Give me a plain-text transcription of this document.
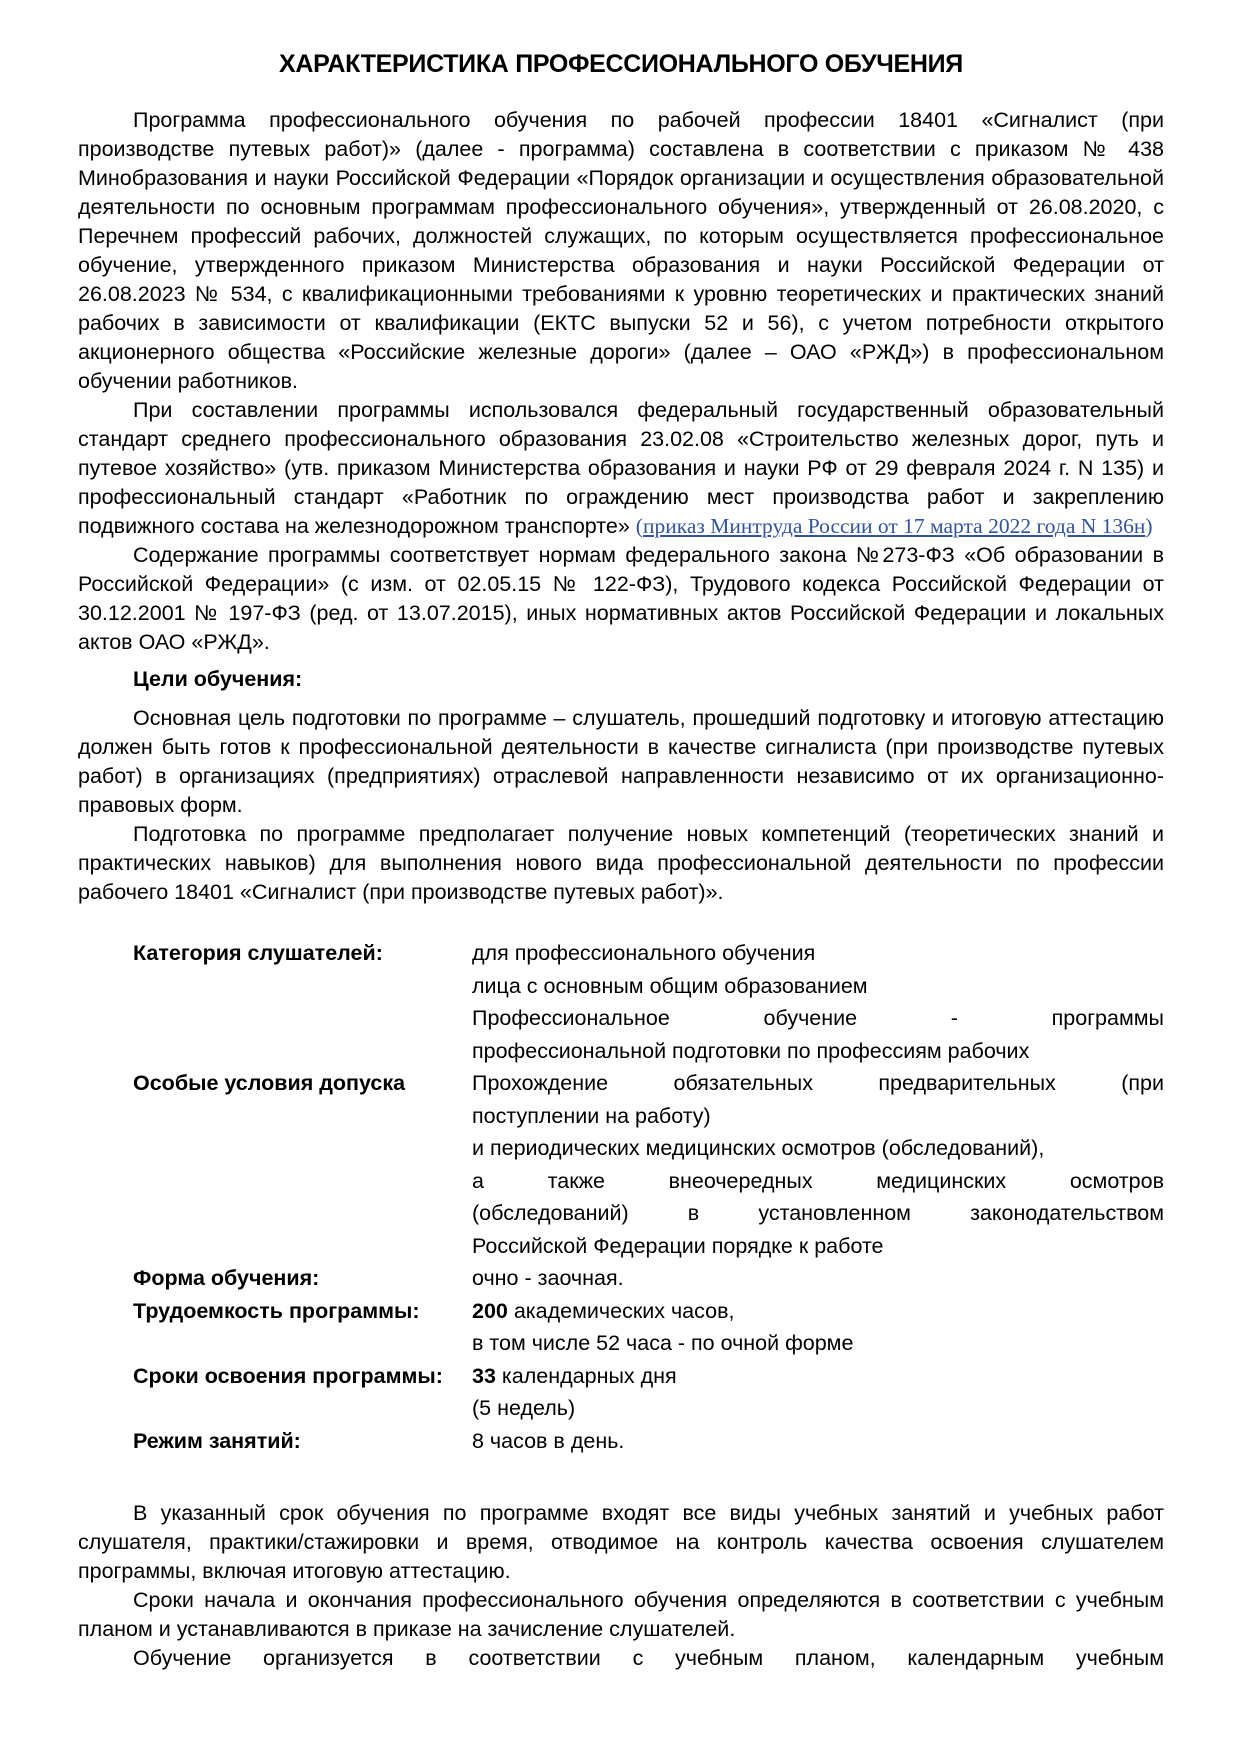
ХАРАКТЕРИСТИКА ПРОФЕССИОНАЛЬНОГО ОБУЧЕНИЯ

Программа профессионального обучения по рабочей профессии 18401 «Сигналист (при производстве путевых работ)» (далее - программа) составлена в соответствии с приказом № 438 Минобразования и науки Российской Федерации «Порядок организации и осуществления образовательной деятельности по основным программам профессионального обучения», утвержденный от 26.08.2020, с Перечнем профессий рабочих, должностей служащих, по которым осуществляется профессиональное обучение, утвержденного приказом Министерства образования и науки Российской Федерации от 26.08.2023 № 534, с квалификационными требованиями к уровню теоретических и практических знаний рабочих в зависимости от квалификации (ЕКТС выпуски 52 и 56), с учетом потребности открытого акционерного общества «Российские железные дороги» (далее – ОАО «РЖД») в профессиональном обучении работников.

При составлении программы использовался федеральный государственный образовательный стандарт среднего профессионального образования 23.02.08 «Строительство железных дорог, путь и путевое хозяйство» (утв. приказом Министерства образования и науки РФ от 29 февраля 2024 г. N 135) и профессиональный стандарт «Работник по ограждению мест производства работ и закреплению подвижного состава на железнодорожном транспорте» (приказ Минтруда России от 17 марта 2022 года N 136н)

Содержание программы соответствует нормам федерального закона №273-ФЗ «Об образовании в Российской Федерации» (с изм. от 02.05.15 № 122-ФЗ), Трудового кодекса Российской Федерации от 30.12.2001 № 197-ФЗ (ред. от 13.07.2015), иных нормативных актов Российской Федерации и локальных актов ОАО «РЖД».

Цели обучения:

Основная цель подготовки по программе – слушатель, прошедший подготовку и итоговую аттестацию должен быть готов к профессиональной деятельности в качестве сигналиста (при производстве путевых работ) в организациях (предприятиях) отраслевой направленности независимо от их организационно-правовых форм.

Подготовка по программе предполагает получение новых компетенций (теоретических знаний и практических навыков) для выполнения нового вида профессиональной деятельности по профессии рабочего 18401 «Сигналист (при производстве путевых работ)».

Категория слушателей:	для профессионального обучения
лица с основным общим образованием
Профессиональное обучение - программы
профессиональной подготовки по профессиям рабочих
Особые условия допуска	Прохождение обязательных предварительных (при
поступлении на работу)
и периодических медицинских осмотров (обследований),
а также внеочередных медицинских осмотров
(обследований) в установленном законодательством
Российской Федерации порядке к работе
Форма обучения:	очно - заочная.
Трудоемкость программы:	200 академических часов,
в том числе 52 часа - по очной форме
Сроки освоения программы:	33 календарных дня
(5 недель)
Режим занятий:	8 часов в день.

В указанный срок обучения по программе входят все виды учебных занятий и учебных работ слушателя, практики/стажировки и время, отводимое на контроль качества освоения слушателем программы, включая итоговую аттестацию.

Сроки начала и окончания профессионального обучения определяются в соответствии с учебным планом и устанавливаются в приказе на зачисление слушателей.

Обучение организуется в соответствии с учебным планом, календарным учебным
